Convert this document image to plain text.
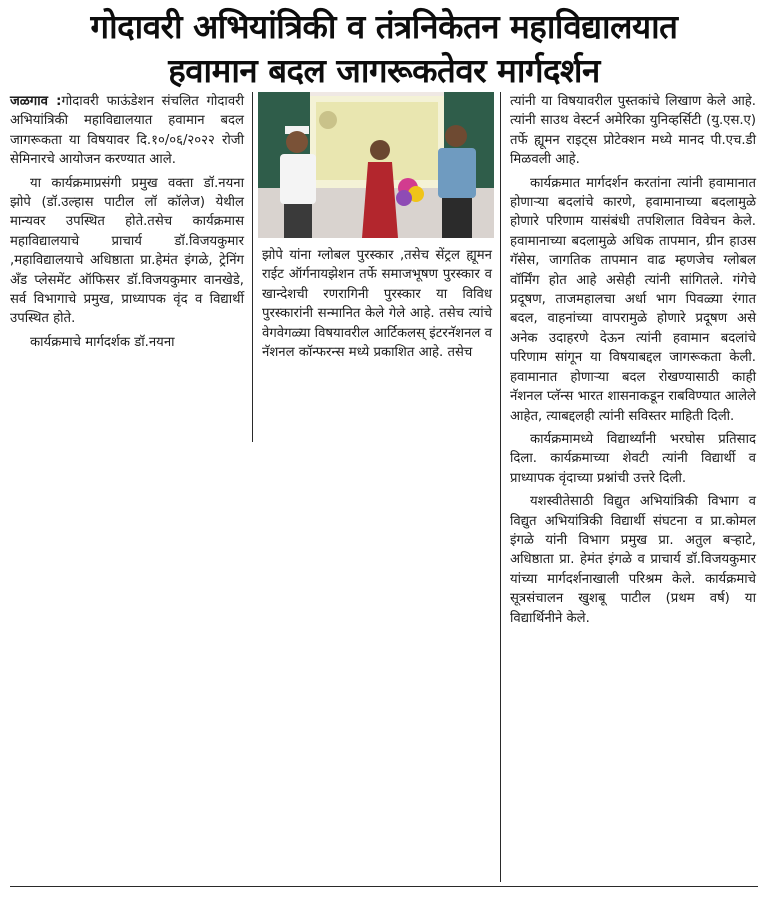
गोदावरी अभियांत्रिकी व तंत्रनिकेतन महाविद्यालयात
हवामान बदल जागरूकतेवर मार्गदर्शन

जळगाव :गोदावरी फाऊंडेशन संचलित गोदावरी अभियांत्रिकी महाविद्यालयात हवामान बदल जागरूकता या विषयावर दि.१०/०६/२०२२ रोजी सेमिनारचे आयोजन करण्यात आले.

या कार्यक्रमाप्रसंगी प्रमुख वक्ता डॉ.नयना झोपे (डॉ.उल्हास पाटील लॉ कॉलेज) येथील मान्यवर उपस्थित होते.तसेच कार्यक्रमास महाविद्यालयाचे प्राचार्य डॉ.विजयकुमार ,महाविद्यालयाचे अधिष्ठाता प्रा.हेमंत इंगळे, ट्रेनिंग अँड प्लेसमेंट ऑफिसर डॉ.विजयकुमार वानखेडे, सर्व विभागाचे प्रमुख, प्राध्यापक वृंद व विद्यार्थी उपस्थित होते.

कार्यक्रमाचे मार्गदर्शक डॉ.नयना

झोपे यांना ग्लोबल पुरस्कार ,तसेच सेंट्रल ह्यूमन राईट ऑर्गनायझेशन तर्फे समाजभूषण पुरस्कार व खान्देशची रणरागिनी पुरस्कार या विविध पुरस्कारांनी सन्मानित केले गेले आहे. तसेच त्यांचे वेगवेगळ्या विषयावरील आर्टिकलस् इंटरनॅशनल व नॅशनल कॉन्फरन्स मध्ये प्रकाशित आहे. तसेच

त्यांनी या विषयावरील पुस्तकांचे लिखाण केले आहे. त्यांनी साउथ वेस्टर्न अमेरिका युनिव्हर्सिटी (यु.एस.ए) तर्फे ह्यूमन राइट्स प्रोटेक्शन मध्ये मानद पी.एच.डी मिळवली आहे.

कार्यक्रमात मार्गदर्शन करतांना त्यांनी हवामानात होणाऱ्या बदलांचे कारणे, हवामानाच्या बदलामुळे होणारे परिणाम यासंबंधी तपशिलात विवेचन केले. हवामानाच्या बदलामुळे अधिक तापमान, ग्रीन हाउस गॅसेस, जागतिक तापमान वाढ म्हणजेच ग्लोबल वॉर्मिंग होत आहे असेही त्यांनी सांगितले. गंगेचे प्रदूषण, ताजमहालचा अर्धा भाग पिवळ्या रंगात बदल, वाहनांच्या वापरामुळे होणारे प्रदूषण असे अनेक उदाहरणे देऊन त्यांनी हवामान बदलांचे परिणाम सांगून या विषयाबद्दल जागरूकता केली. हवामानात होणाऱ्या बदल रोखण्यासाठी काही नॅशनल प्लॅन्स भारत शासनाकडून राबविण्यात आलेले आहेत, त्याबद्दलही त्यांनी सविस्तर माहिती दिली.

कार्यक्रमामध्ये विद्यार्थ्यांनी भरघोस प्रतिसाद दिला. कार्यक्रमाच्या शेवटी त्यांनी विद्यार्थी व प्राध्यापक वृंदाच्या प्रश्नांची उत्तरे दिली.

यशस्वीतेसाठी विद्युत अभियांत्रिकी विभाग व विद्युत अभियांत्रिकी विद्यार्थी संघटना व प्रा.कोमल इंगळे यांनी विभाग प्रमुख प्रा. अतुल बऱ्हाटे, अधिष्ठाता प्रा. हेमंत इंगळे व प्राचार्य डॉ.विजयकुमार यांच्या मार्गदर्शनाखाली परिश्रम केले. कार्यक्रमाचे सूत्रसंचालन खुशबू पाटील (प्रथम वर्ष) या विद्यार्थिनीने केले.
